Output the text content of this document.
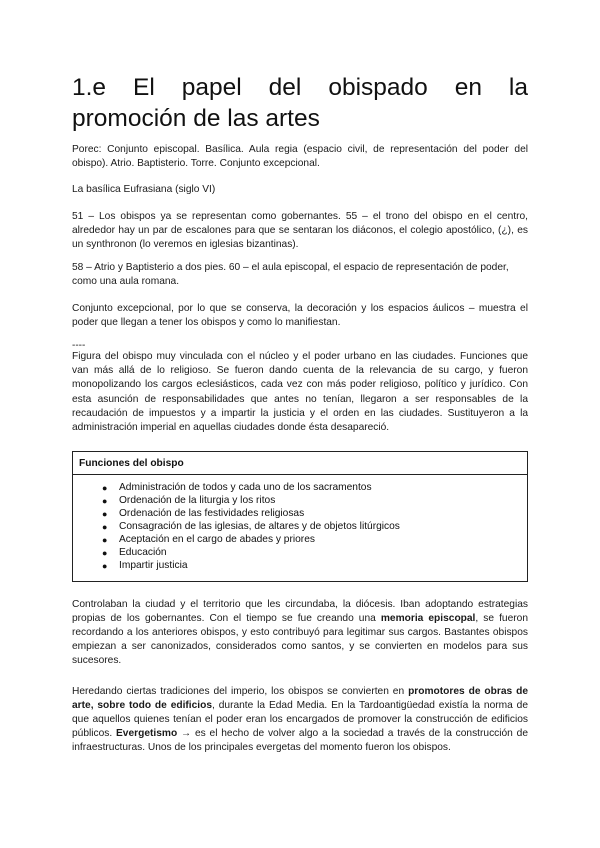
1.e El papel del obispado en la
promoción de las artes

Porec: Conjunto episcopal. Basílica. Aula regia (espacio civil, de representación del poder del obispo). Atrio. Baptisterio. Torre. Conjunto excepcional.

La basílica Eufrasiana (siglo VI)

51 – Los obispos ya se representan como gobernantes. 55 – el trono del obispo en el centro, alrededor hay un par de escalones para que se sentaran los diáconos, el colegio apostólico, (¿), es un synthronon (lo veremos en iglesias bizantinas).

58 – Atrio y Baptisterio a dos pies. 60 – el aula episcopal, el espacio de representación de poder, como una aula romana.

Conjunto excepcional, por lo que se conserva, la decoración y los espacios áulicos – muestra el poder que llegan a tener los obispos y como lo manifiestan.

----

Figura del obispo muy vinculada con el núcleo y el poder urbano en las ciudades. Funciones que van más allá de lo religioso. Se fueron dando cuenta de la relevancia de su cargo, y fueron monopolizando los cargos eclesiásticos, cada vez con más poder religioso, político y jurídico. Con esta asunción de responsabilidades que antes no tenían, llegaron a ser responsables de la recaudación de impuestos y a impartir la justicia y el orden en las ciudades. Sustituyeron a la administración imperial en aquellas ciudades donde ésta desapareció.

Funciones del obispo
● Administración de todos y cada uno de los sacramentos
● Ordenación de la liturgia y los ritos
● Ordenación de las festividades religiosas
● Consagración de las iglesias, de altares y de objetos litúrgicos
● Aceptación en el cargo de abades y priores
● Educación
● Impartir justicia

Controlaban la ciudad y el territorio que les circundaba, la diócesis. Iban adoptando estrategias propias de los gobernantes. Con el tiempo se fue creando una memoria episcopal, se fueron recordando a los anteriores obispos, y esto contribuyó para legitimar sus cargos. Bastantes obispos empiezan a ser canonizados, considerados como santos, y se convierten en modelos para sus sucesores.

Heredando ciertas tradiciones del imperio, los obispos se convierten en promotores de obras de arte, sobre todo de edificios, durante la Edad Media. En la Tardoantigüedad existía la norma de que aquellos quienes tenían el poder eran los encargados de promover la construcción de edificios públicos. Evergetismo → es el hecho de volver algo a la sociedad a través de la construcción de infraestructuras. Unos de los principales evergetas del momento fueron los obispos.
